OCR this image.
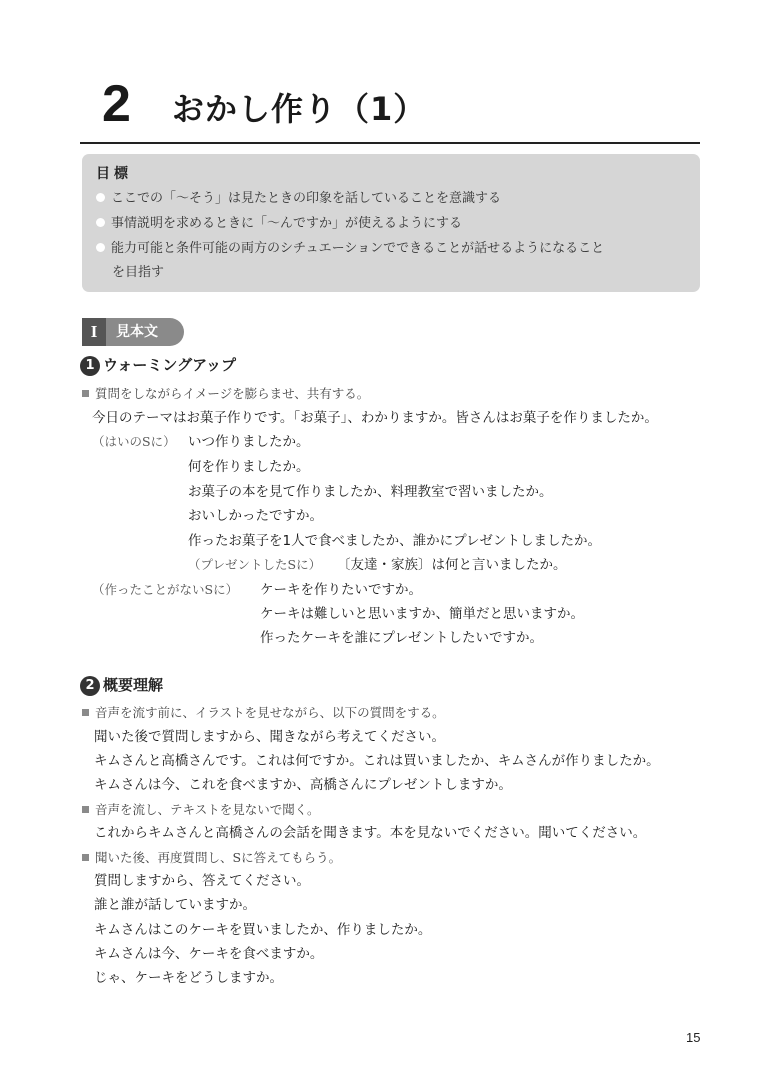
2 おかし作り（1）
目標
ここでの「〜そう」は見たときの印象を話していることを意識する
事情説明を求めるときに「〜んですか」が使えるようにする
能力可能と条件可能の両方のシチュエーションでできることが話せるようになること
を目指す
I	見本文
1 ウォーミングアップ
質問をしながらイメージを膨らませ、共有する。
今日のテーマはお菓子作りです。「お菓子」、わかりますか。皆さんはお菓子を作りましたか。
（はいのSに） いつ作りましたか。
何を作りましたか。
お菓子の本を見て作りましたか、料理教室で習いましたか。
おいしかったですか。
作ったお菓子を1人で食べましたか、誰かにプレゼントしましたか。
（プレゼントしたSに） 〔友達・家族〕は何と言いましたか。
（作ったことがないSに） ケーキを作りたいですか。
ケーキは難しいと思いますか、簡単だと思いますか。
作ったケーキを誰にプレゼントしたいですか。
2 概要理解
音声を流す前に、イラストを見せながら、以下の質問をする。
聞いた後で質問しますから、聞きながら考えてください。
キムさんと高橋さんです。これは何ですか。これは買いましたか、キムさんが作りましたか。
キムさんは今、これを食べますか、高橋さんにプレゼントしますか。
音声を流し、テキストを見ないで聞く。
これからキムさんと高橋さんの会話を聞きます。本を見ないでください。聞いてください。
聞いた後、再度質問し、Sに答えてもらう。
質問しますから、答えてください。
誰と誰が話していますか。
キムさんはこのケーキを買いましたか、作りましたか。
キムさんは今、ケーキを食べますか。
じゃ、ケーキをどうしますか。
15
